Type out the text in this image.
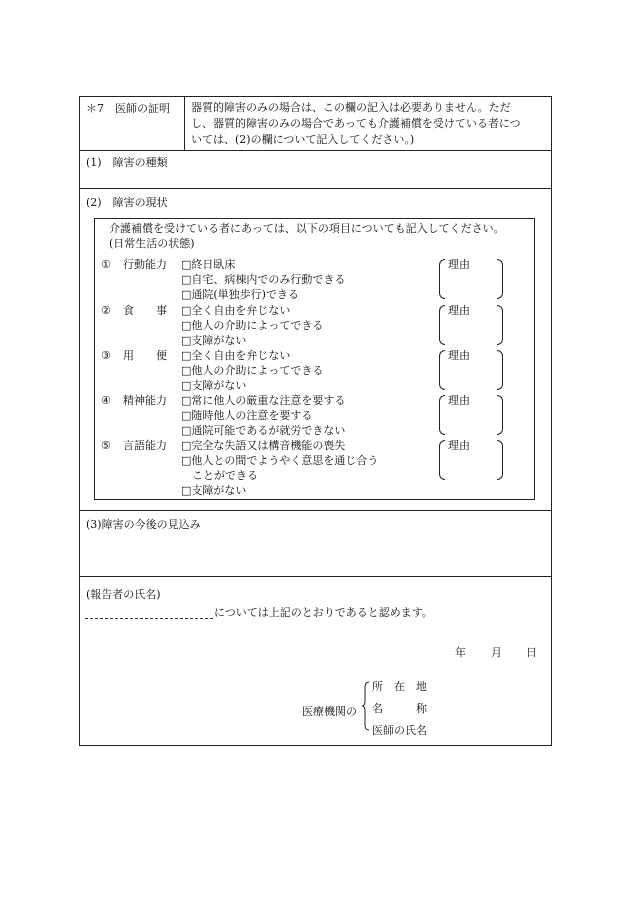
＊7　医師の証明 器質的障害のみの場合は、この欄の記入は必要ありません。ただ
し、器質的障害のみの場合であっても介護補償を受けている者につ
いては、(2)の欄について記入してください。)
(1)　障害の種類
(2)　障害の現状
介護補償を受けている者にあっては、以下の項目についても記入してください。
(日常生活の状態)
① 行動能力 □終日臥床
□自宅、病棟内でのみ行動できる
□通院(単独歩行)できる
理由
② 食　　事 □全く自由を弁じない
□他人の介助によってできる
□支障がない
理由
③ 用　　便 □全く自由を弁じない
□他人の介助によってできる
□支障がない
理由
④ 精神能力 □常に他人の厳重な注意を要する
□随時他人の注意を要する
□通院可能であるが就労できない
理由
⑤ 言語能力 □完全な失語又は構音機能の喪失
□他人との間でようやく意思を通じ合う
　ことができる
□支障がない
理由
(3)障害の今後の見込み
(報告者の氏名)
については上記のとおりであると認めます。
年 月 日
医療機関の
所　在　地
名　　　称
医師の氏名
